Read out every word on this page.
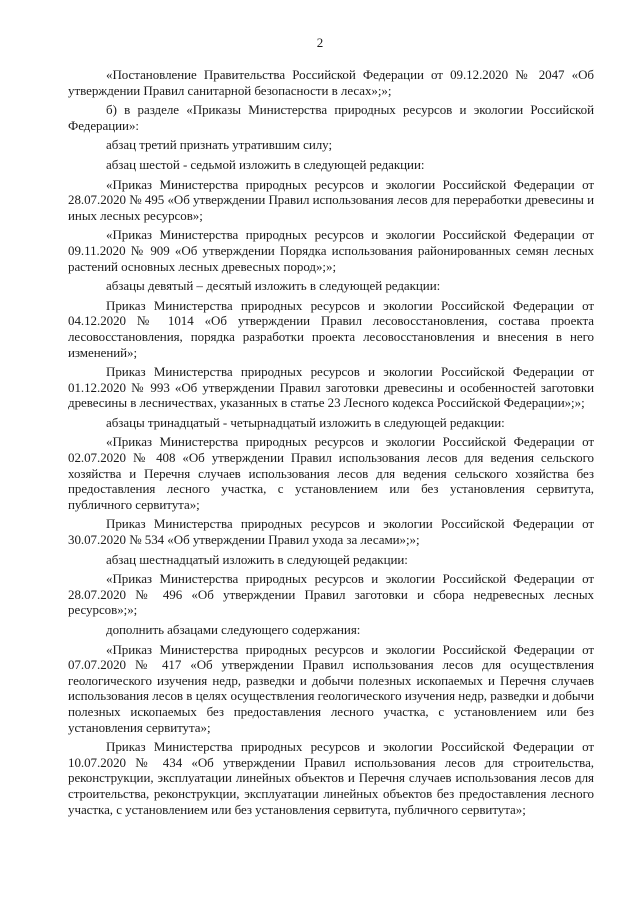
2

«Постановление Правительства Российской Федерации от 09.12.2020 № 2047 «Об утверждении Правил санитарной безопасности в лесах»;»;

б) в разделе «Приказы Министерства природных ресурсов и экологии Российской Федерации»:

абзац третий признать утратившим силу;

абзац шестой - седьмой изложить в следующей редакции:

«Приказ Министерства природных ресурсов и экологии Российской Федерации от 28.07.2020 № 495 «Об утверждении Правил использования лесов для переработки древесины и иных лесных ресурсов»;

«Приказ Министерства природных ресурсов и экологии Российской Федерации от 09.11.2020 № 909 «Об утверждении Порядка использования районированных семян лесных растений основных лесных древесных пород»;»;

абзацы девятый – десятый изложить в следующей редакции:

Приказ Министерства природных ресурсов и экологии Российской Федерации от 04.12.2020 № 1014 «Об утверждении Правил лесовосстановления, состава проекта лесовосстановления, порядка разработки проекта лесовосстановления и внесения в него изменений»;

Приказ Министерства природных ресурсов и экологии Российской Федерации от 01.12.2020 № 993 «Об утверждении Правил заготовки древесины и особенностей заготовки древесины в лесничествах, указанных в статье 23 Лесного кодекса Российской Федерации»;»;

абзацы тринадцатый - четырнадцатый изложить в следующей редакции:

«Приказ Министерства природных ресурсов и экологии Российской Федерации от 02.07.2020 № 408 «Об утверждении Правил использования лесов для ведения сельского хозяйства и Перечня случаев использования лесов для ведения сельского хозяйства без предоставления лесного участка, с установлением или без установления сервитута, публичного сервитута»;

Приказ Министерства природных ресурсов и экологии Российской Федерации от 30.07.2020 № 534 «Об утверждении Правил ухода за лесами»;»;

абзац шестнадцатый изложить в следующей редакции:

«Приказ Министерства природных ресурсов и экологии Российской Федерации от 28.07.2020 № 496 «Об утверждении Правил заготовки и сбора недревесных лесных ресурсов»;»;

дополнить абзацами следующего содержания:

«Приказ Министерства природных ресурсов и экологии Российской Федерации от 07.07.2020 № 417 «Об утверждении Правил использования лесов для осуществления геологического изучения недр, разведки и добычи полезных ископаемых и Перечня случаев использования лесов в целях осуществления геологического изучения недр, разведки и добычи полезных ископаемых без предоставления лесного участка, с установлением или без установления сервитута»;

Приказ Министерства природных ресурсов и экологии Российской Федерации от 10.07.2020 № 434 «Об утверждении Правил использования лесов для строительства, реконструкции, эксплуатации линейных объектов и Перечня случаев использования лесов для строительства, реконструкции, эксплуатации линейных объектов без предоставления лесного участка, с установлением или без установления сервитута, публичного сервитута»;
